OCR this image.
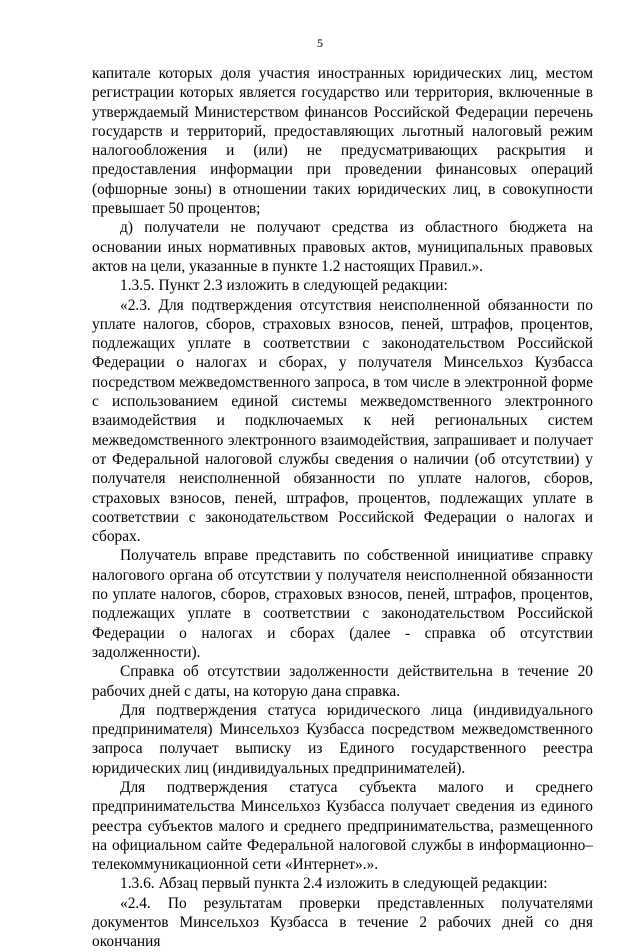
5

капитале которых доля участия иностранных юридических лиц, местом регистрации которых является государство или территория, включенные в утверждаемый Министерством финансов Российской Федерации перечень государств и территорий, предоставляющих льготный налоговый режим налогообложения и (или) не предусматривающих раскрытия и предоставления информации при проведении финансовых операций (офшорные зоны) в отношении таких юридических лиц, в совокупности превышает 50 процентов;

д) получатели не получают средства из областного бюджета на основании иных нормативных правовых актов, муниципальных правовых актов на цели, указанные в пункте 1.2 настоящих Правил.».

1.3.5. Пункт 2.3 изложить в следующей редакции:

«2.3. Для подтверждения отсутствия неисполненной обязанности по уплате налогов, сборов, страховых взносов, пеней, штрафов, процентов, подлежащих уплате в соответствии с законодательством Российской Федерации о налогах и сборах, у получателя Минсельхоз Кузбасса посредством межведомственного запроса, в том числе в электронной форме с использованием единой системы межведомственного электронного взаимодействия и подключаемых к ней региональных систем межведомственного электронного взаимодействия, запрашивает и получает от Федеральной налоговой службы сведения о наличии (об отсутствии) у получателя неисполненной обязанности по уплате налогов, сборов, страховых взносов, пеней, штрафов, процентов, подлежащих уплате в соответствии с законодательством Российской Федерации о налогах и сборах.

Получатель вправе представить по собственной инициативе справку налогового органа об отсутствии у получателя неисполненной обязанности по уплате налогов, сборов, страховых взносов, пеней, штрафов, процентов, подлежащих уплате в соответствии с законодательством Российской Федерации о налогах и сборах (далее - справка об отсутствии задолженности).

Справка об отсутствии задолженности действительна в течение 20 рабочих дней с даты, на которую дана справка.

Для подтверждения статуса юридического лица (индивидуального предпринимателя) Минсельхоз Кузбасса посредством межведомственного запроса получает выписку из Единого государственного реестра юридических лиц (индивидуальных предпринимателей).

Для подтверждения статуса субъекта малого и среднего предпринимательства Минсельхоз Кузбасса получает сведения из единого реестра субъектов малого и среднего предпринимательства, размещенного на официальном сайте Федеральной налоговой службы в информационно–телекоммуникационной сети «Интернет».».

1.3.6. Абзац первый пункта 2.4 изложить в следующей редакции:

«2.4. По результатам проверки представленных получателями документов Минсельхоз Кузбасса в течение 2 рабочих дней со дня окончания
